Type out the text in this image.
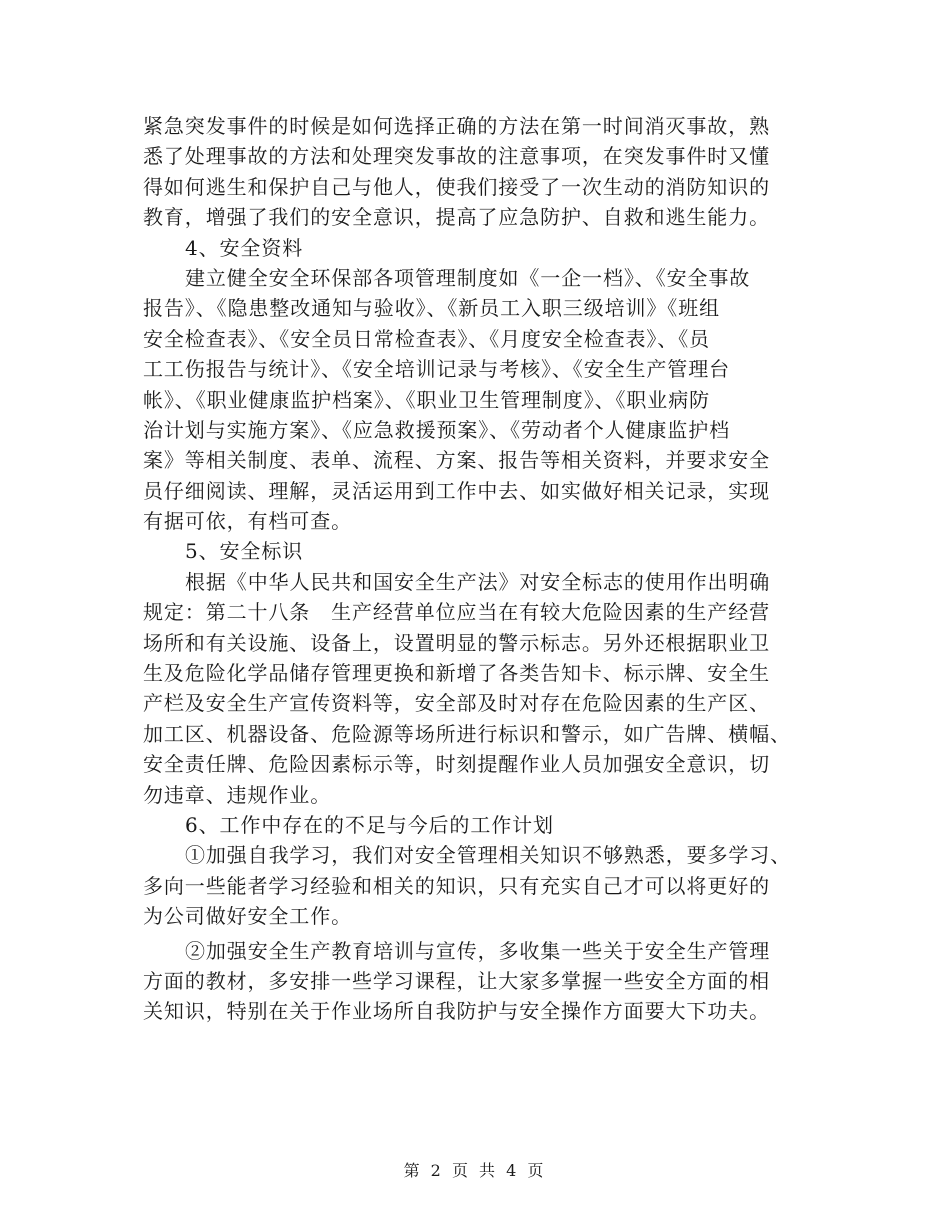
紧急突发事件的时候是如何选择正确的方法在第一时间消灭事故，熟
悉了处理事故的方法和处理突发事故的注意事项，在突发事件时又懂
得如何逃生和保护自己与他人，使我们接受了一次生动的消防知识的
教育，增强了我们的安全意识，提高了应急防护、自救和逃生能力。
4、安全资料
建立健全安全环保部各项管理制度如《一企一档》、《安全事故
报告》、《隐患整改通知与验收》、《新员工入职三级培训》《班组
安全检查表》、《安全员日常检查表》、《月度安全检查表》、《员
工工伤报告与统计》、《安全培训记录与考核》、《安全生产管理台
帐》、《职业健康监护档案》、《职业卫生管理制度》、《职业病防
治计划与实施方案》、《应急救援预案》、《劳动者个人健康监护档
案》等相关制度、表单、流程、方案、报告等相关资料，并要求安全
员仔细阅读、理解，灵活运用到工作中去、如实做好相关记录，实现
有据可依，有档可查。
5、安全标识
根据《中华人民共和国安全生产法》对安全标志的使用作出明确
规定：第二十八条　生产经营单位应当在有较大危险因素的生产经营
场所和有关设施、设备上，设置明显的警示标志。另外还根据职业卫
生及危险化学品储存管理更换和新增了各类告知卡、标示牌、安全生
产栏及安全生产宣传资料等，安全部及时对存在危险因素的生产区、
加工区、机器设备、危险源等场所进行标识和警示，如广告牌、横幅、
安全责任牌、危险因素标示等，时刻提醒作业人员加强安全意识，切
勿违章、违规作业。
6、工作中存在的不足与今后的工作计划
①加强自我学习，我们对安全管理相关知识不够熟悉，要多学习、
多向一些能者学习经验和相关的知识，只有充实自己才可以将更好的
为公司做好安全工作。
②加强安全生产教育培训与宣传，多收集一些关于安全生产管理
方面的教材，多安排一些学习课程，让大家多掌握一些安全方面的相
关知识，特别在关于作业场所自我防护与安全操作方面要大下功夫。
第 2 页 共 4 页
